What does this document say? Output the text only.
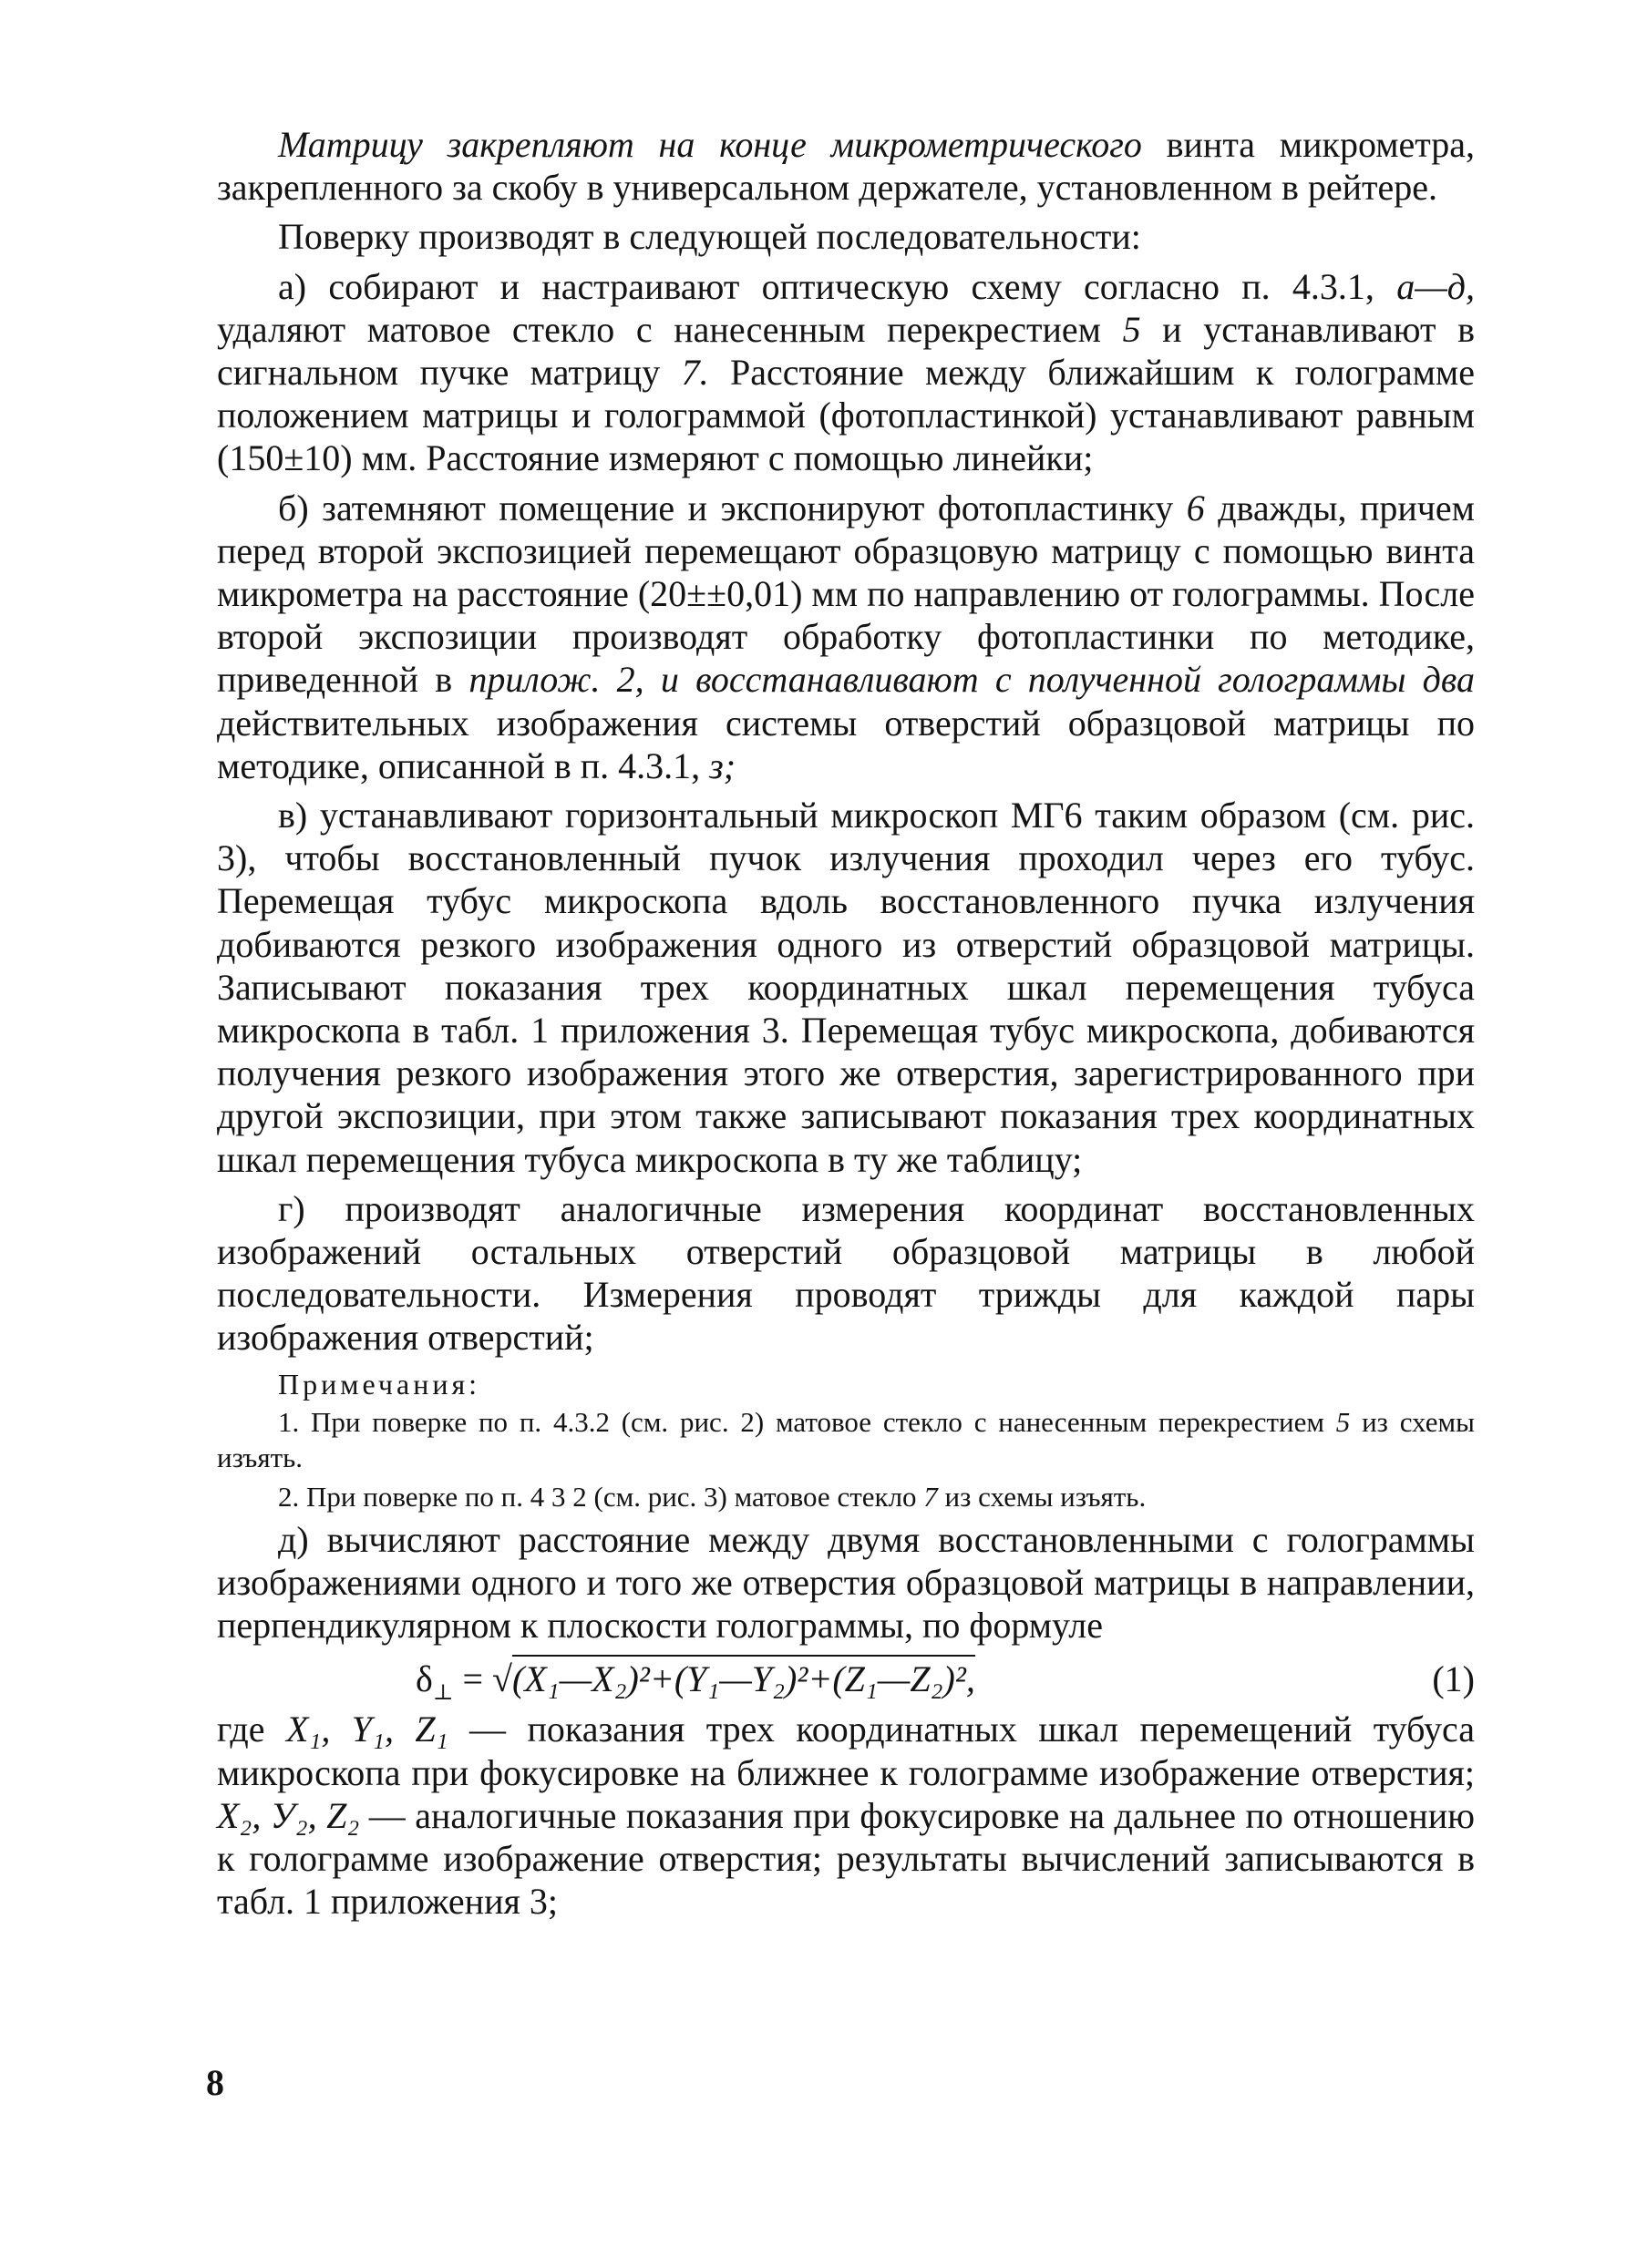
Матрицу закрепляют на конце микрометрического винта микрометра, закрепленного за скобу в универсальном держателе, установленном в рейтере.

Поверку производят в следующей последовательности:

а) собирают и настраивают оптическую схему согласно п. 4.3.1, а—д, удаляют матовое стекло с нанесенным перекрестием 5 и устанавливают в сигнальном пучке матрицу 7. Расстояние между ближайшим к голограмме положением матрицы и голограммой (фотопластинкой) устанавливают равным (150±10) мм. Расстояние измеряют с помощью линейки;

б) затемняют помещение и экспонируют фотопластинку 6 дважды, причем перед второй экспозицией перемещают образцовую матрицу с помощью винта микрометра на расстояние (20±±0,01) мм по направлению от голограммы. После второй экспозиции производят обработку фотопластинки по методике, приведенной в прилож. 2, и восстанавливают с полученной голограммы два действительных изображения системы отверстий образцовой матрицы по методике, описанной в п. 4.3.1, з;

в) устанавливают горизонтальный микроскоп МГ6 таким образом (см. рис. 3), чтобы восстановленный пучок излучения проходил через его тубус. Перемещая тубус микроскопа вдоль восстановленного пучка излучения добиваются резкого изображения одного из отверстий образцовой матрицы. Записывают показания трех координатных шкал перемещения тубуса микроскопа в табл. 1 приложения 3. Перемещая тубус микроскопа, добиваются получения резкого изображения этого же отверстия, зарегистрированного при другой экспозиции, при этом также записывают показания трех координатных шкал перемещения тубуса микроскопа в ту же таблицу;

г) производят аналогичные измерения координат восстановленных изображений остальных отверстий образцовой матрицы в любой последовательности. Измерения проводят трижды для каждой пары изображения отверстий;

Примечания:

1. При поверке по п. 4.3.2 (см. рис. 2) матовое стекло с нанесенным перекрестием 5 из схемы изъять.

2. При поверке по п. 4 3 2 (см. рис. 3) матовое стекло 7 из схемы изъять.

д) вычисляют расстояние между двумя восстановленными с голограммы изображениями одного и того же отверстия образцовой матрицы в направлении, перпендикулярном к плоскости голограммы, по формуле

$\delta_\perp$ = √(X₁—X₂)²+(Y₁—Y₂)²+(Z₁—Z₂)²,	(1)

где X₁, Y₁, Z₁ — показания трех координатных шкал перемещений тубуса микроскопа при фокусировке на ближнее к голограмме изображение отверстия; X₂, У₂, Z₂ — аналогичные показания при фокусировке на дальнее по отношению к голограмме изображение отверстия; результаты вычислений записываются в табл. 1 приложения 3;

8
